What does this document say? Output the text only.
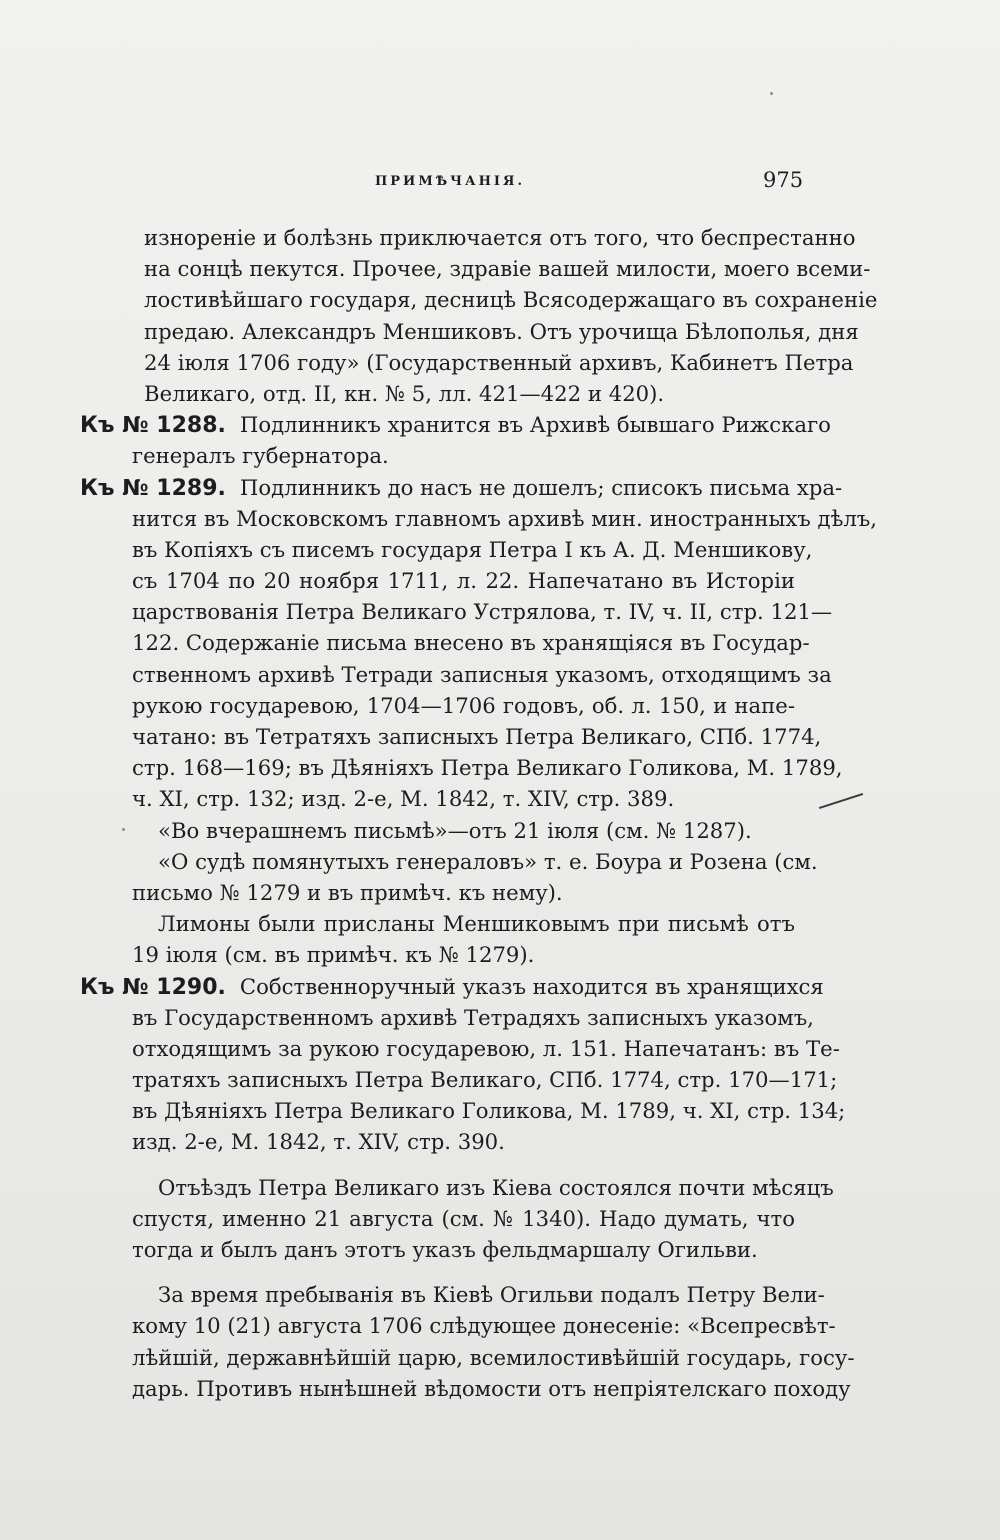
ПРИМѢЧАНІЯ.	975
изнореніе и болѣзнь приключается отъ того, что беспрестанно
на сонцѣ пекутся. Прочее, здравіе вашей милости, моего всеми-
лостивѣйшаго государя, десницѣ Всясодержащаго въ сохраненіе
предаю. Александръ Меншиковъ. Отъ урочища Бѣлополья, дня
24 іюля 1706 году» (Государственный архивъ, Кабинетъ Петра
Великаго, отд. II, кн. № 5, лл. 421—422 и 420).
Къ № 1288. Подлинникъ хранится въ Архивѣ бывшаго Рижскаго
генералъ губернатора.
Къ № 1289. Подлинникъ до насъ не дошелъ; списокъ письма хра-
нится въ Московскомъ главномъ архивѣ мин. иностранныхъ дѣлъ,
въ Копіяхъ съ писемъ государя Петра I къ А. Д. Меншикову,
съ 1704 по 20 ноября 1711, л. 22. Напечатано въ Исторіи
царствованія Петра Великаго Устрялова, т. IV, ч. II, стр. 121—
122. Содержаніе письма внесено въ хранящіяся въ Государ-
ственномъ архивѣ Тетради записныя указомъ, отходящимъ за
рукою государевою, 1704—1706 годовъ, об. л. 150, и напе-
чатано: въ Тетратяхъ записныхъ Петра Великаго, СПб. 1774,
стр. 168—169; въ Дѣяніяхъ Петра Великаго Голикова, М. 1789,
ч. XI, стр. 132; изд. 2-е, М. 1842, т. XIV, стр. 389.
«Во вчерашнемъ письмѣ»—отъ 21 іюля (см. № 1287).
«О судѣ помянутыхъ генераловъ» т. е. Боура и Розена (см.
письмо № 1279 и въ примѣч. къ нему).
Лимоны были присланы Меншиковымъ при письмѣ отъ
19 іюля (см. въ примѣч. къ № 1279).
Къ № 1290. Собственноручный указъ находится въ хранящихся
въ Государственномъ архивѣ Тетрадяхъ записныхъ указомъ,
отходящимъ за рукою государевою, л. 151. Напечатанъ: въ Те-
тратяхъ записныхъ Петра Великаго, СПб. 1774, стр. 170—171;
въ Дѣяніяхъ Петра Великаго Голикова, М. 1789, ч. XI, стр. 134;
изд. 2-е, М. 1842, т. XIV, стр. 390.
Отъѣздъ Петра Великаго изъ Кіева состоялся почти мѣсяцъ
спустя, именно 21 августа (см. № 1340). Надо думать, что
тогда и былъ данъ этотъ указъ фельдмаршалу Огильви.
За время пребыванія въ Кіевѣ Огильви подалъ Петру Вели-
кому 10 (21) августа 1706 слѣдующее донесеніе: «Всепресвѣт-
лѣйшій, державнѣйшій царю, всемилостивѣйшій государь, госу-
дарь. Противъ нынѣшней вѣдомости отъ непріятелскаго походу
